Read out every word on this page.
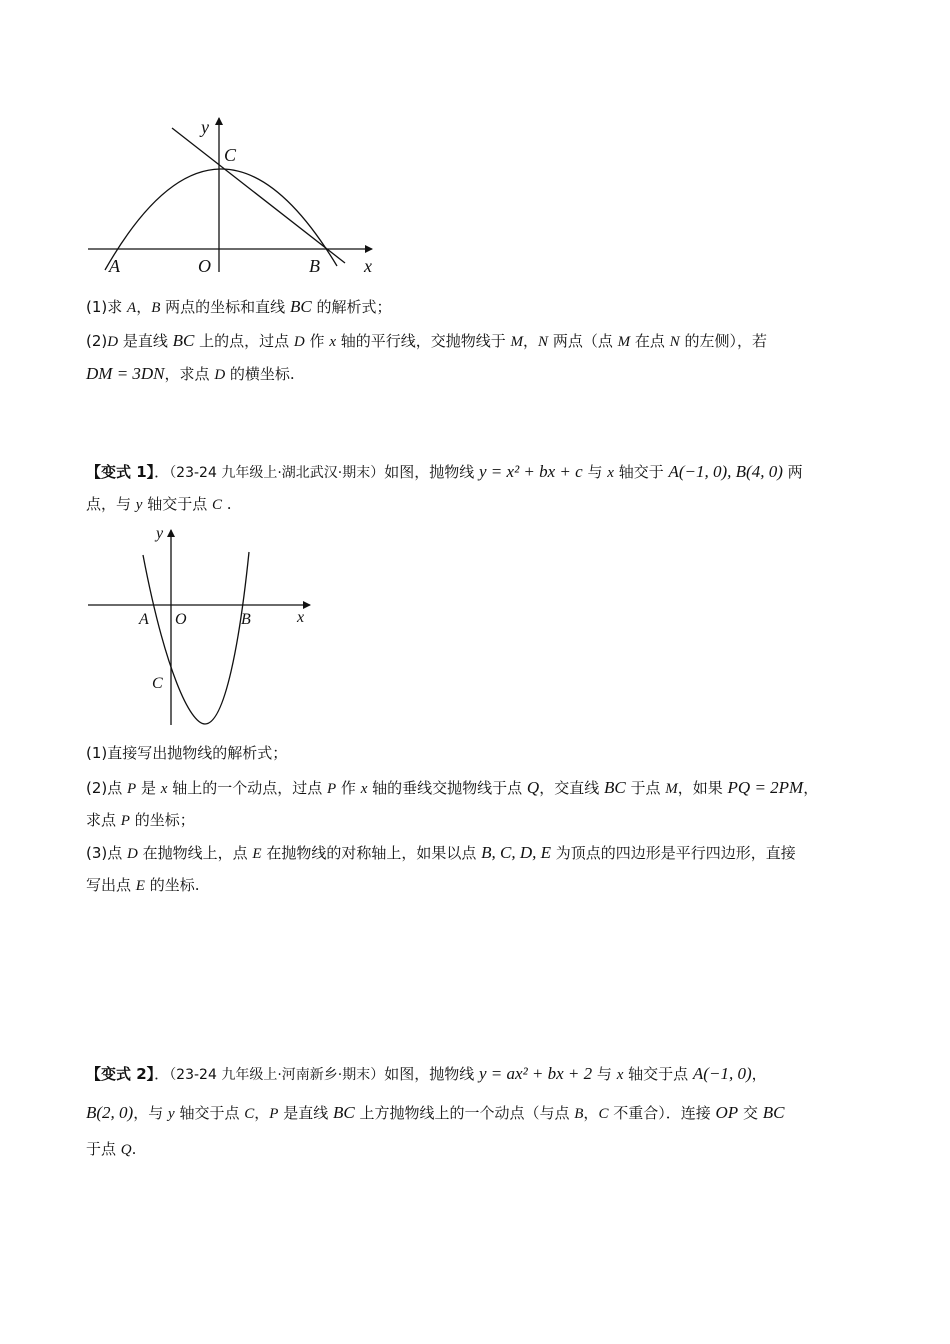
y
x
C
A	O	B
(1)求 A，B 两点的坐标和直线 BC 的解析式；
(2)D 是直线 BC 上的点，过点 D 作 x 轴的平行线，交抛物线于 M，N 两点（点 M 在点 N 的左侧），若
DM = 3DN，求点 D 的横坐标.
【变式 1】．（23-24 九年级上·湖北武汉·期末）如图，抛物线 y = x² + bx + c 与 x 轴交于 A(−1, 0), B(4, 0) 两
点，与 y 轴交于点 C .
y
x
A O	B
C
(1)直接写出抛物线的解析式；
(2)点 P 是 x 轴上的一个动点，过点 P 作 x 轴的垂线交抛物线于点 Q，交直线 BC 于点 M，如果 PQ = 2PM，
求点 P 的坐标；
(3)点 D 在抛物线上，点 E 在抛物线的对称轴上，如果以点 B, C, D, E 为顶点的四边形是平行四边形，直接
写出点 E 的坐标.
【变式 2】．（23-24 九年级上·河南新乡·期末）如图，抛物线 y = ax² + bx + 2 与 x 轴交于点 A(−1, 0)，
B(2, 0)，与 y 轴交于点 C，P 是直线 BC 上方抛物线上的一个动点（与点 B，C 不重合）．连接 OP 交 BC
于点 Q.
